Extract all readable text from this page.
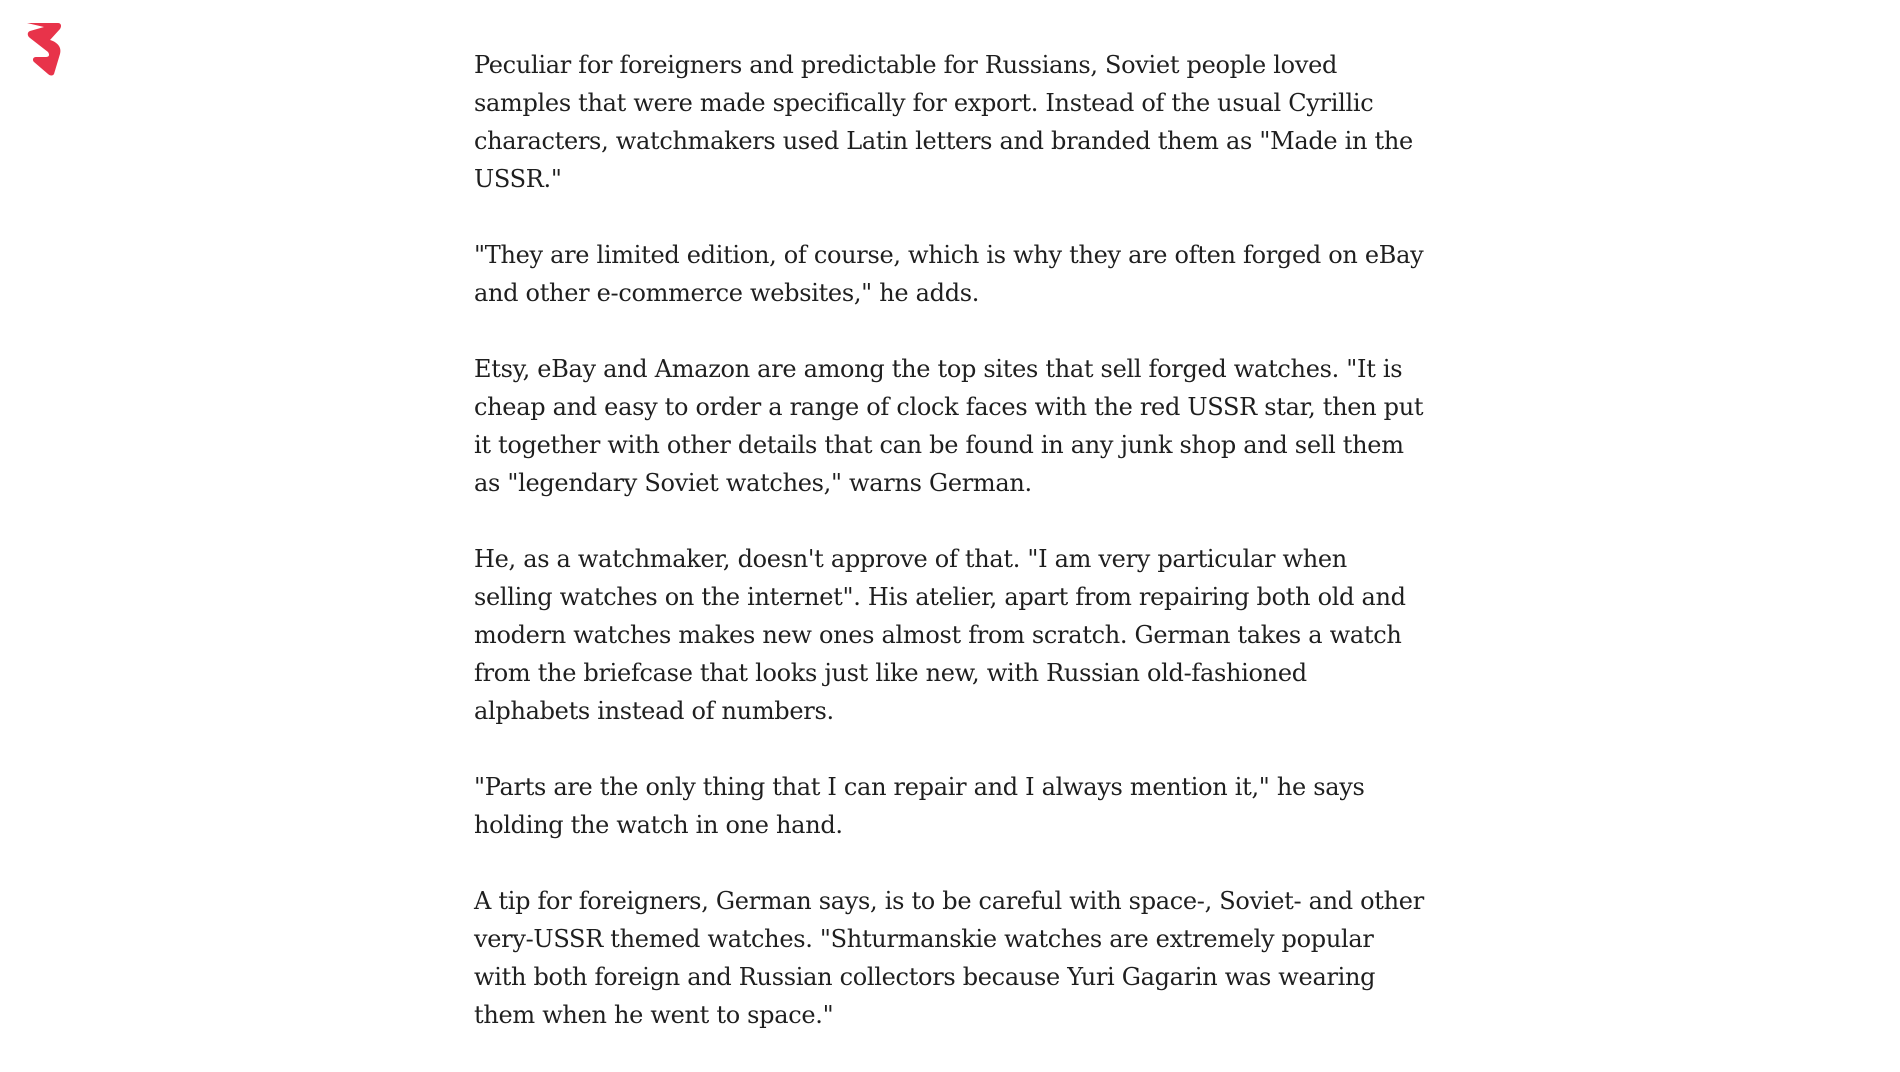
Peculiar for foreigners and predictable for Russians, Soviet people loved samples that were made specifically for export. Instead of the usual Cyrillic characters, watchmakers used Latin letters and branded them as "Made in the USSR."

"They are limited edition, of course, which is why they are often forged on eBay and other e-commerce websites," he adds.

Etsy, eBay and Amazon are among the top sites that sell forged watches. "It is cheap and easy to order a range of clock faces with the red USSR star, then put it together with other details that can be found in any junk shop and sell them as "legendary Soviet watches," warns German.

He, as a watchmaker, doesn't approve of that. "I am very particular when selling watches on the internet". His atelier, apart from repairing both old and modern watches makes new ones almost from scratch. German takes a watch from the briefcase that looks just like new, with Russian old-fashioned alphabets instead of numbers.

"Parts are the only thing that I can repair and I always mention it," he says holding the watch in one hand.

A tip for foreigners, German says, is to be careful with space-, Soviet- and other very-USSR themed watches. "Shturmanskie watches are extremely popular with both foreign and Russian collectors because Yuri Gagarin was wearing them when he went to space."
